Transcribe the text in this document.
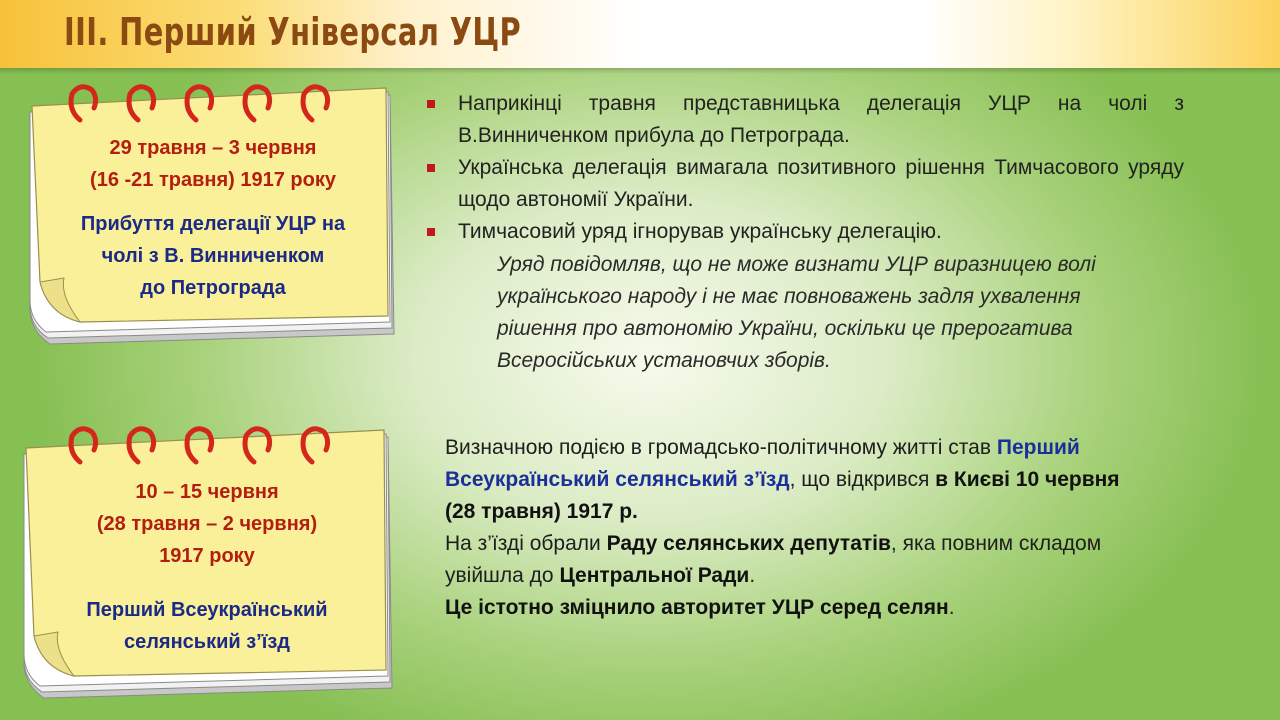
III. Перший Універсал УЦР
29 травня – 3 червня
(16 -21 травня) 1917 року
Прибуття делегації УЦР на
чолі з В. Винниченком
до Петрограда
10 – 15 червня
(28 травня – 2 червня)
1917 року
Перший Всеукраїнський
селянський з’їзд
Наприкінці травня представницька делегація УЦР на чолі з В.Винниченком прибула до Петрограда.
Українська делегація вимагала позитивного рішення Тимчасового уряду щодо автономії України.
Тимчасовий уряд ігнорував українську делегацію.
Уряд повідомляв, що не може визнати УЦР виразницею волі
українського народу і не має повноважень задля ухвалення
рішення про автономію України, оскільки це прерогатива
Всеросійських установчих зборів.
Визначною подією в громадсько-політичному житті став Перший
Всеукраїнський селянський з’їзд, що відкрився в Києві 10 червня
(28 травня) 1917 р.
На з’їзді обрали Раду селянських депутатів, яка повним складом
увійшла до Центральної Ради.
Це істотно зміцнило авторитет УЦР серед селян.
